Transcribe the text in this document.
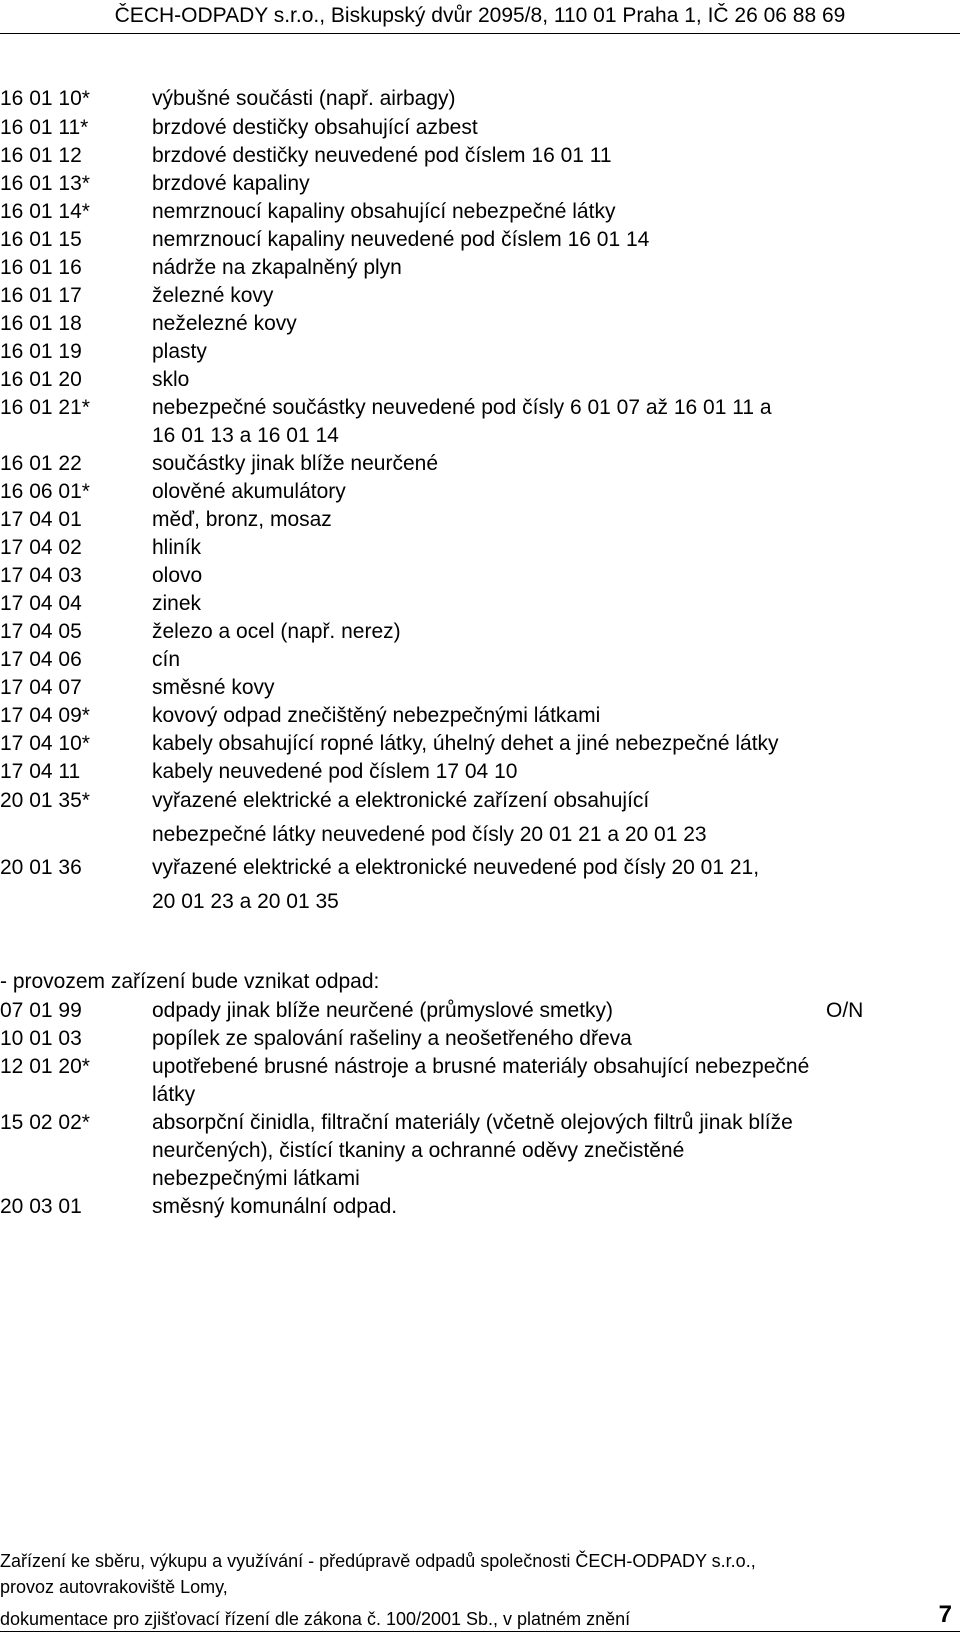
ČECH-ODPADY s.r.o., Biskupský dvůr 2095/8, 110 01 Praha 1, IČ 26 06 88 69
16 01 10*	výbušné součásti (např. airbagy)
16 01 11*	brzdové destičky obsahující azbest
16 01 12	brzdové destičky neuvedené pod číslem 16 01 11
16 01 13*	brzdové kapaliny
16 01 14*	nemrznoucí kapaliny obsahující nebezpečné látky
16 01 15	nemrznoucí kapaliny neuvedené pod číslem 16 01 14
16 01 16	nádrže na zkapalněný plyn
16 01 17	železné kovy
16 01 18	neželezné kovy
16 01 19	plasty
16 01 20	sklo
16 01 21*	nebezpečné součástky neuvedené pod čísly 6 01 07 až 16 01 11 a
16 01 13 a 16 01 14
16 01 22	součástky jinak blíže neurčené
16 06 01*	olověné akumulátory
17 04 01	měď, bronz, mosaz
17 04 02	hliník
17 04 03	olovo
17 04 04	zinek
17 04 05	železo a ocel (např. nerez)
17 04 06	cín
17 04 07	směsné kovy
17 04 09*	kovový odpad znečištěný nebezpečnými látkami
17 04 10*	kabely obsahující ropné látky, úhelný dehet a jiné nebezpečné látky
17 04 11	kabely neuvedené pod číslem 17 04 10
20 01 35*	vyřazené elektrické a elektronické zařízení obsahující
nebezpečné látky neuvedené pod čísly 20 01 21 a 20 01 23
20 01 36	vyřazené elektrické a elektronické neuvedené pod čísly 20 01 21,
20 01 23 a 20 01 35
- provozem zařízení bude vznikat odpad:
07 01 99	odpady jinak blíže neurčené (průmyslové smetky)	O/N
10 01 03	popílek ze spalování rašeliny a neošetřeného dřeva
12 01 20*	upotřebené brusné nástroje a brusné materiály obsahující nebezpečné
látky
15 02 02*	absorpční činidla, filtrační materiály (včetně olejových filtrů jinak blíže
neurčených), čistící tkaniny a ochranné oděvy znečistěné
nebezpečnými látkami
20 03 01	směsný komunální odpad.
Zařízení ke sběru, výkupu a využívání - předúpravě odpadů společnosti ČECH-ODPADY s.r.o.,
provoz autovrakoviště Lomy,
dokumentace pro zjišťovací řízení dle zákona č. 100/2001 Sb., v platném znění	7
